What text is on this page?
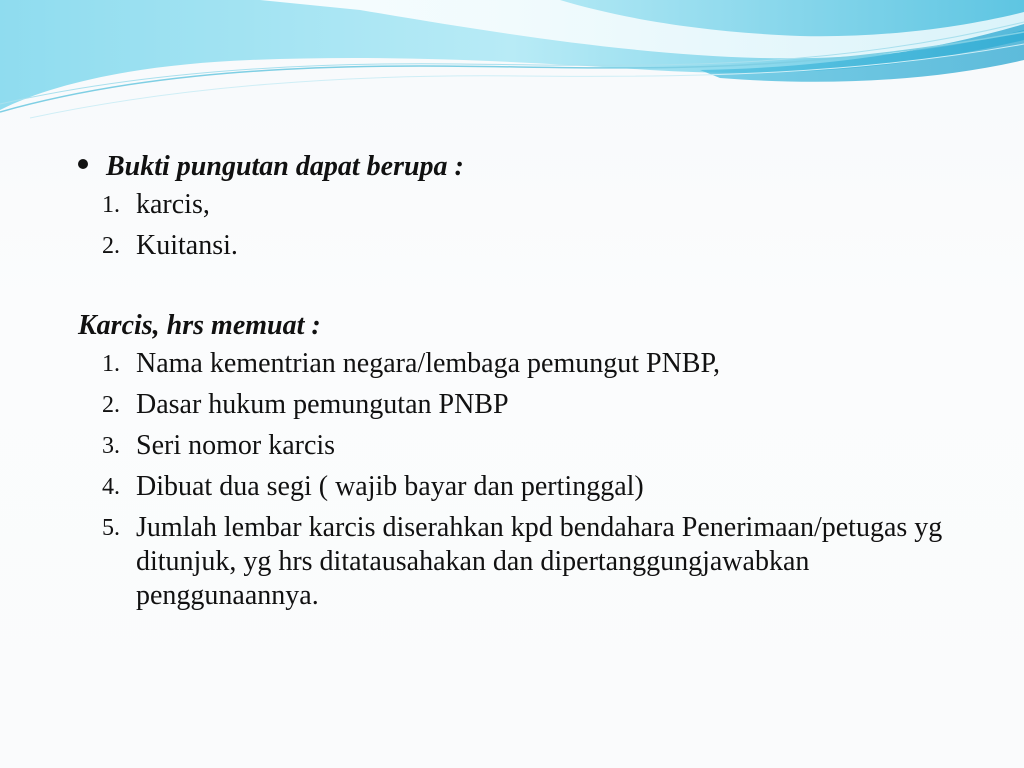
Bukti pungutan dapat berupa :
1. karcis,
2. Kuitansi.
Karcis, hrs memuat :
1. Nama kementrian negara/lembaga pemungut PNBP,
2. Dasar hukum pemungutan PNBP
3. Seri nomor karcis
4. Dibuat dua segi ( wajib bayar dan pertinggal)
5. Jumlah lembar karcis diserahkan kpd bendahara Penerimaan/petugas yg ditunjuk, yg hrs ditatausahakan dan dipertanggungjawabkan penggunaannya.
